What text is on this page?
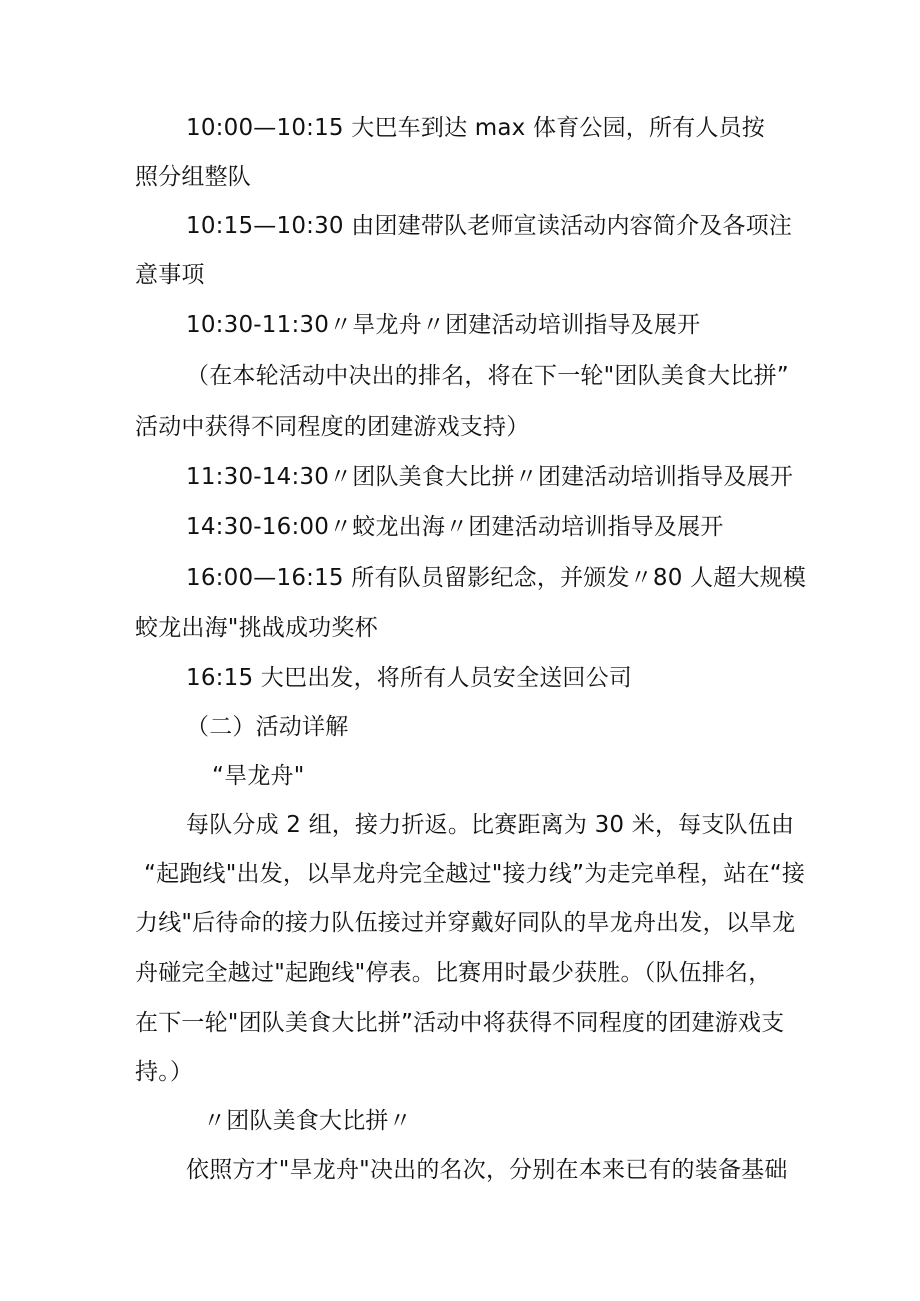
10:00—10:15 大巴车到达 max 体育公园，所有人员按
照分组整队
10:15—10:30 由团建带队老师宣读活动内容简介及各项注
意事项
10:30-11:30〃旱龙舟〃团建活动培训指导及展开
（在本轮活动中决出的排名，将在下一轮"团队美食大比拼”
活动中获得不同程度的团建游戏支持）
11:30-14:30〃团队美食大比拼〃团建活动培训指导及展开
14:30-16:00〃蛟龙出海〃团建活动培训指导及展开
16:00—16:15 所有队员留影纪念，并颁发〃80 人超大规模
蛟龙出海"挑战成功奖杯
16:15 大巴出发，将所有人员安全送回公司
（二）活动详解
“旱龙舟"
每队分成 2 组，接力折返。比赛距离为 30 米，每支队伍由
“起跑线"出发，以旱龙舟完全越过"接力线”为走完单程，站在“接
力线"后待命的接力队伍接过并穿戴好同队的旱龙舟出发，以旱龙
舟碰完全越过"起跑线"停表。比赛用时最少获胜。（队伍排名，
在下一轮"团队美食大比拼”活动中将获得不同程度的团建游戏支
持。）
〃团队美食大比拼〃
依照方才"旱龙舟"决出的名次，分别在本来已有的装备基础
